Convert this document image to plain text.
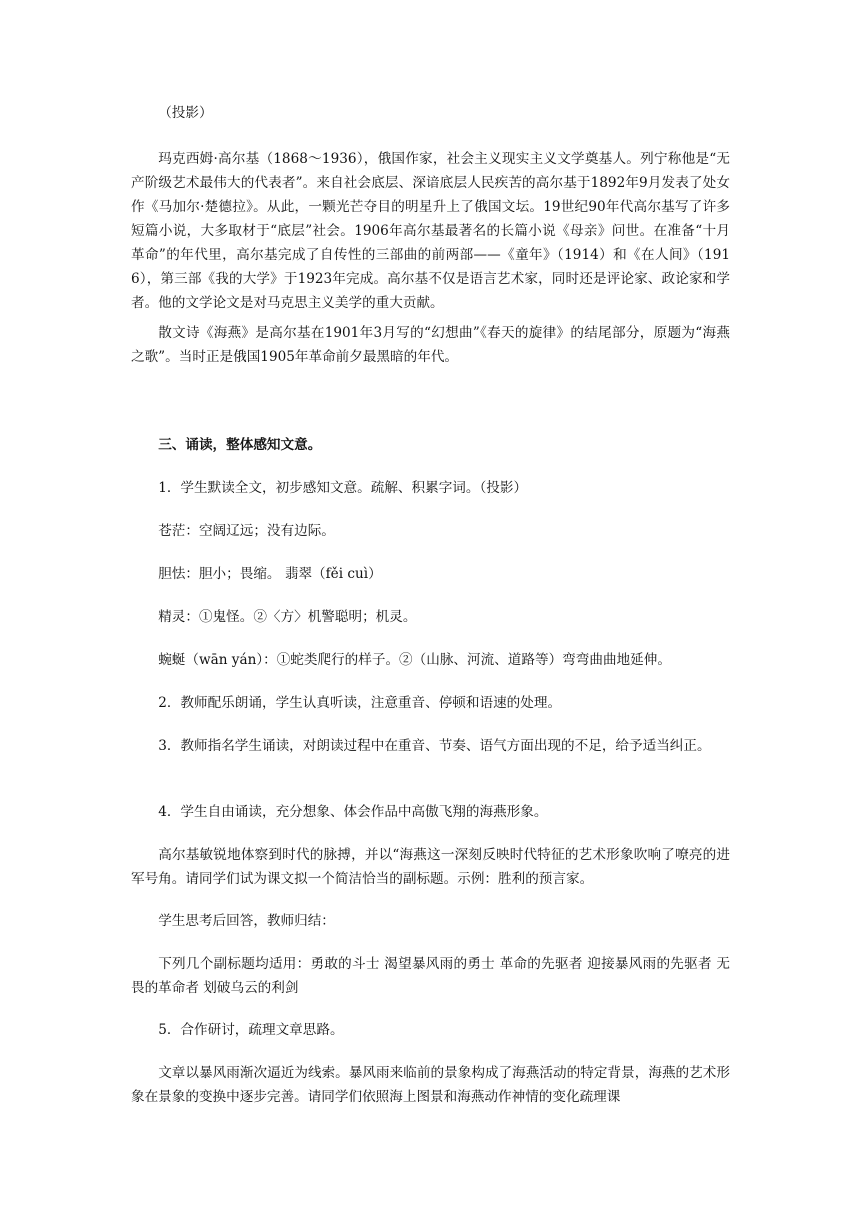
（投影）

玛克西姆·高尔基（1868～1936），俄国作家，社会主义现实主义文学奠基人。列宁称他是“无产阶级艺术最伟大的代表者”。来自社会底层、深谙底层人民疾苦的高尔基于1892年9月发表了处女作《马加尔·楚德拉》。从此，一颗光芒夺目的明星升上了俄国文坛。19世纪90年代高尔基写了许多短篇小说，大多取材于“底层”社会。1906年高尔基最著名的长篇小说《母亲》问世。在准备“十月革命”的年代里，高尔基完成了自传性的三部曲的前两部——《童年》（1914）和《在人间》（1916），第三部《我的大学》于1923年完成。高尔基不仅是语言艺术家，同时还是评论家、政论家和学者。他的文学论文是对马克思主义美学的重大贡献。

散文诗《海燕》是高尔基在1901年3月写的“幻想曲”《春天的旋律》的结尾部分，原题为“海燕之歌”。当时正是俄国1905年革命前夕最黑暗的年代。

三、诵读，整体感知文意。

1．学生默读全文，初步感知文意。疏解、积累字词。（投影）

苍茫：空阔辽远；没有边际。

胆怯：胆小；畏缩。 翡翠（fěi cuì）

精灵：①鬼怪。②〈方〉机警聪明；机灵。

蜿蜒（wān yán）：①蛇类爬行的样子。②（山脉、河流、道路等）弯弯曲曲地延伸。

2．教师配乐朗诵，学生认真听读，注意重音、停顿和语速的处理。

3．教师指名学生诵读，对朗读过程中在重音、节奏、语气方面出现的不足，给予适当纠正。

4．学生自由诵读，充分想象、体会作品中高傲飞翔的海燕形象。

高尔基敏锐地体察到时代的脉搏，并以“海燕这一深刻反映时代特征的艺术形象吹响了嘹亮的进军号角。请同学们试为课文拟一个简洁恰当的副标题。示例：胜利的预言家。

学生思考后回答，教师归结：

下列几个副标题均适用：勇敢的斗士 渴望暴风雨的勇士 革命的先驱者 迎接暴风雨的先驱者 无畏的革命者 划破乌云的利剑

5．合作研讨，疏理文章思路。

文章以暴风雨渐次逼近为线索。暴风雨来临前的景象构成了海燕活动的特定背景，海燕的艺术形象在景象的变换中逐步完善。请同学们依照海上图景和海燕动作神情的变化疏理课
